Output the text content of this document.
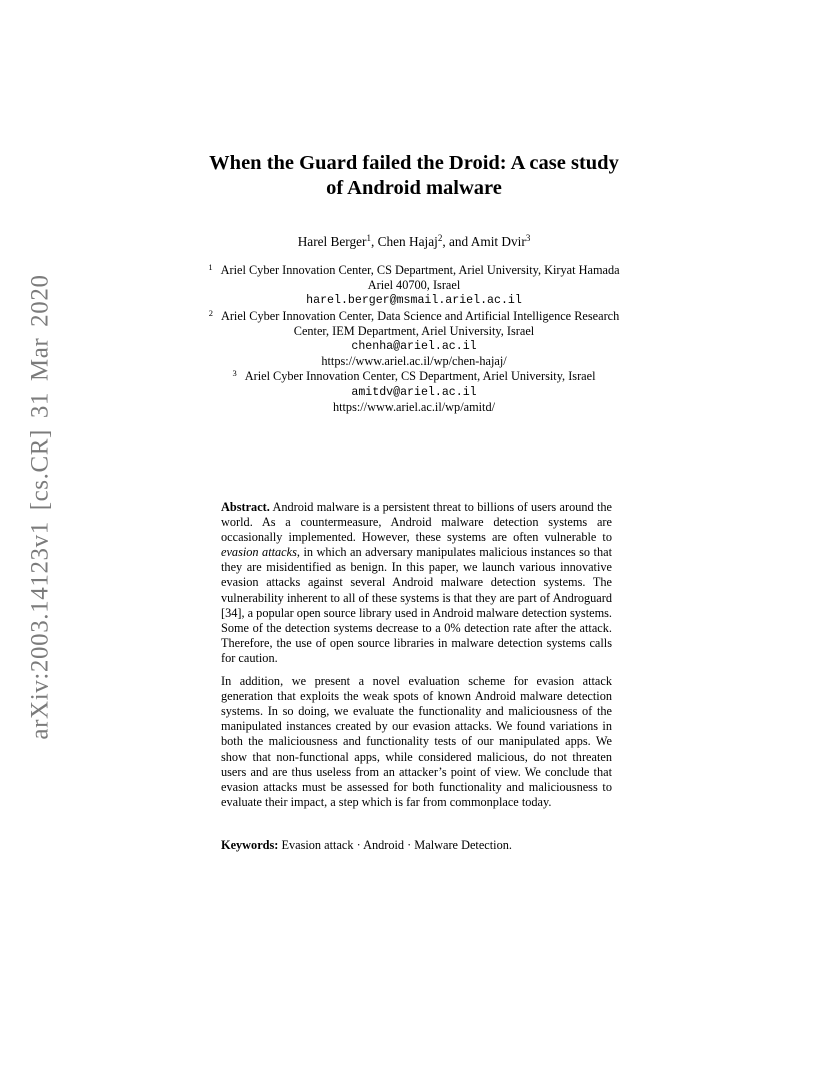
arXiv:2003.14123v1 [cs.CR] 31 Mar 2020
When the Guard failed the Droid: A case study
of Android malware
Harel Berger$^1$, Chen Hajaj$^2$, and Amit Dvir$^3$
$^1$ Ariel Cyber Innovation Center, CS Department, Ariel University, Kiryat Hamada
Ariel 40700, Israel
harel.berger@msmail.ariel.ac.il
$^2$ Ariel Cyber Innovation Center, Data Science and Artificial Intelligence Research
Center, IEM Department, Ariel University, Israel
chenha@ariel.ac.il
https://www.ariel.ac.il/wp/chen-hajaj/
$^3$ Ariel Cyber Innovation Center, CS Department, Ariel University, Israel
amitdv@ariel.ac.il
https://www.ariel.ac.il/wp/amitd/

Abstract. Android malware is a persistent threat to billions of users around the world. As a countermeasure, Android malware detection systems are occasionally implemented. However, these systems are often vulnerable to evasion attacks, in which an adversary manipulates malicious instances so that they are misidentified as benign. In this paper, we launch various innovative evasion attacks against several Android malware detection systems. The vulnerability inherent to all of these systems is that they are part of Androguard [34], a popular open source library used in Android malware detection systems. Some of the detection systems decrease to a 0% detection rate after the attack. Therefore, the use of open source libraries in malware detection systems calls for caution.

In addition, we present a novel evaluation scheme for evasion attack generation that exploits the weak spots of known Android malware detection systems. In so doing, we evaluate the functionality and maliciousness of the manipulated instances created by our evasion attacks. We found variations in both the maliciousness and functionality tests of our manipulated apps. We show that non-functional apps, while considered malicious, do not threaten users and are thus useless from an attacker’s point of view. We conclude that evasion attacks must be assessed for both functionality and maliciousness to evaluate their impact, a step which is far from commonplace today.

Keywords: Evasion attack · Android · Malware Detection.
